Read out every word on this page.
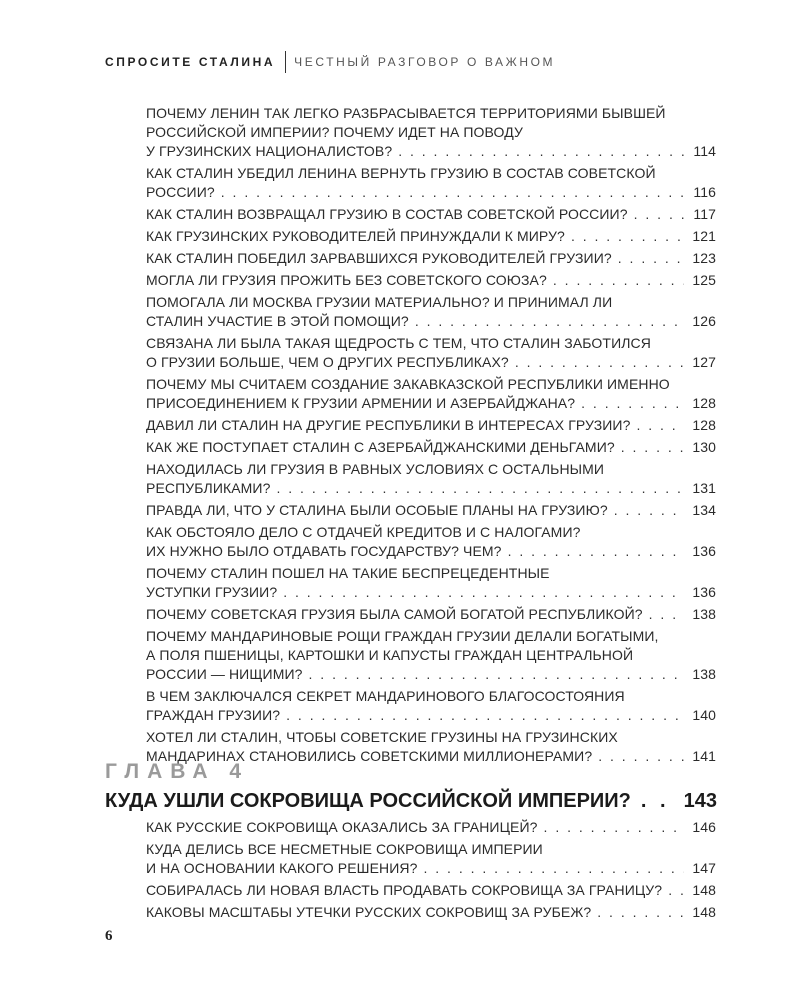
СПРОСИТЕ СТАЛИНА ЧЕСТНЫЙ РАЗГОВОР О ВАЖНОМ
ПОЧЕМУ ЛЕНИН ТАК ЛЕГКО РАЗБРАСЫВАЕТСЯ ТЕРРИТОРИЯМИ БЫВШЕЙ
РОССИЙСКОЙ ИМПЕРИИ? ПОЧЕМУ ИДЕТ НА ПОВОДУ
У ГРУЗИНСКИХ НАЦИОНАЛИСТОВ? . . .	114
КАК СТАЛИН УБЕДИЛ ЛЕНИНА ВЕРНУТЬ ГРУЗИЮ В СОСТАВ СОВЕТСКОЙ
РОССИИ? . . .	116
КАК СТАЛИН ВОЗВРАЩАЛ ГРУЗИЮ В СОСТАВ СОВЕТСКОЙ РОССИИ? . . .	117
КАК ГРУЗИНСКИХ РУКОВОДИТЕЛЕЙ ПРИНУЖДАЛИ К МИРУ? . . .	121
КАК СТАЛИН ПОБЕДИЛ ЗАРВАВШИХСЯ РУКОВОДИТЕЛЕЙ ГРУЗИИ? . . .	123
МОГЛА ЛИ ГРУЗИЯ ПРОЖИТЬ БЕЗ СОВЕТСКОГО СОЮЗА? . . .	125
ПОМОГАЛА ЛИ МОСКВА ГРУЗИИ МАТЕРИАЛЬНО? И ПРИНИМАЛ ЛИ
СТАЛИН УЧАСТИЕ В ЭТОЙ ПОМОЩИ? . . .	126
СВЯЗАНА ЛИ БЫЛА ТАКАЯ ЩЕДРОСТЬ С ТЕМ, ЧТО СТАЛИН ЗАБОТИЛСЯ
О ГРУЗИИ БОЛЬШЕ, ЧЕМ О ДРУГИХ РЕСПУБЛИКАХ? . . .	127
ПОЧЕМУ МЫ СЧИТАЕМ СОЗДАНИЕ ЗАКАВКАЗСКОЙ РЕСПУБЛИКИ ИМЕННО
ПРИСОЕДИНЕНИЕМ К ГРУЗИИ АРМЕНИИ И АЗЕРБАЙДЖАНА? . . .	128
ДАВИЛ ЛИ СТАЛИН НА ДРУГИЕ РЕСПУБЛИКИ В ИНТЕРЕСАХ ГРУЗИИ? . . .	128
КАК ЖЕ ПОСТУПАЕТ СТАЛИН С АЗЕРБАЙДЖАНСКИМИ ДЕНЬГАМИ? . . .	130
НАХОДИЛАСЬ ЛИ ГРУЗИЯ В РАВНЫХ УСЛОВИЯХ С ОСТАЛЬНЫМИ
РЕСПУБЛИКАМИ? . . .	131
ПРАВДА ЛИ, ЧТО У СТАЛИНА БЫЛИ ОСОБЫЕ ПЛАНЫ НА ГРУЗИЮ? . . .	134
КАК ОБСТОЯЛО ДЕЛО С ОТДАЧЕЙ КРЕДИТОВ И С НАЛОГАМИ?
ИХ НУЖНО БЫЛО ОТДАВАТЬ ГОСУДАРСТВУ? ЧЕМ? . . .	136
ПОЧЕМУ СТАЛИН ПОШЕЛ НА ТАКИЕ БЕСПРЕЦЕДЕНТНЫЕ
УСТУПКИ ГРУЗИИ? . . .	136
ПОЧЕМУ СОВЕТСКАЯ ГРУЗИЯ БЫЛА САМОЙ БОГАТОЙ РЕСПУБЛИКОЙ? . . .	138
ПОЧЕМУ МАНДАРИНОВЫЕ РОЩИ ГРАЖДАН ГРУЗИИ ДЕЛАЛИ БОГАТЫМИ,
А ПОЛЯ ПШЕНИЦЫ, КАРТОШКИ И КАПУСТЫ ГРАЖДАН ЦЕНТРАЛЬНОЙ
РОССИИ — НИЩИМИ? . . .	138
В ЧЕМ ЗАКЛЮЧАЛСЯ СЕКРЕТ МАНДАРИНОВОГО БЛАГОСОСТОЯНИЯ
ГРАЖДАН ГРУЗИИ? . . .	140
ХОТЕЛ ЛИ СТАЛИН, ЧТОБЫ СОВЕТСКИЕ ГРУЗИНЫ НА ГРУЗИНСКИХ
МАНДАРИНАХ СТАНОВИЛИСЬ СОВЕТСКИМИ МИЛЛИОНЕРАМИ? . . .	141
ГЛАВА 4
КУДА УШЛИ СОКРОВИЩА РОССИЙСКОЙ ИМПЕРИИ? . . .	143
КАК РУССКИЕ СОКРОВИЩА ОКАЗАЛИСЬ ЗА ГРАНИЦЕЙ? . . .	146
КУДА ДЕЛИСЬ ВСЕ НЕСМЕТНЫЕ СОКРОВИЩА ИМПЕРИИ
И НА ОСНОВАНИИ КАКОГО РЕШЕНИЯ? . . .	147
СОБИРАЛАСЬ ЛИ НОВАЯ ВЛАСТЬ ПРОДАВАТЬ СОКРОВИЩА ЗА ГРАНИЦУ? . . . 148
КАКОВЫ МАСШТАБЫ УТЕЧКИ РУССКИХ СОКРОВИЩ ЗА РУБЕЖ? . . .	148
6
